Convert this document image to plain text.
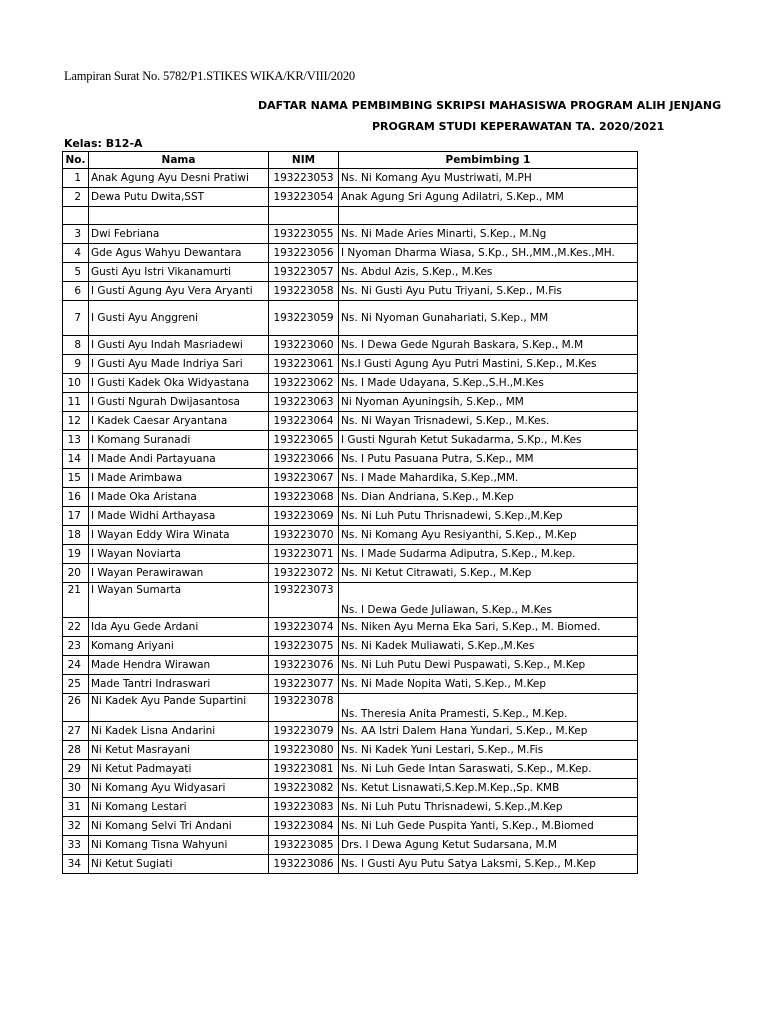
Lampiran Surat No. 5782/P1.STIKES WIKA/KR/VIII/2020
DAFTAR NAMA PEMBIMBING SKRIPSI MAHASISWA PROGRAM ALIH JENJANG
PROGRAM STUDI KEPERAWATAN TA. 2020/2021
Kelas: B12-A
No.	Nama	NIM	Pembimbing 1
1	Anak Agung Ayu Desni Pratiwi	193223053	Ns. Ni Komang Ayu Mustriwati, M.PH
2	Dewa Putu Dwita,SST	193223054	Anak Agung Sri Agung Adilatri, S.Kep., MM

3	Dwi Febriana	193223055	Ns. Ni Made Aries Minarti, S.Kep., M.Ng
4	Gde Agus Wahyu Dewantara	193223056	I Nyoman Dharma Wiasa, S.Kp., SH.,MM.,M.Kes.,MH.
5	Gusti Ayu Istri Vikanamurti	193223057	Ns. Abdul Azis, S.Kep., M.Kes
6	I Gusti Agung Ayu Vera Aryanti	193223058	Ns. Ni Gusti Ayu Putu Triyani, S.Kep., M.Fis
7	I Gusti Ayu Anggreni	193223059	Ns. Ni Nyoman Gunahariati, S.Kep., MM
8	I Gusti Ayu Indah Masriadewi	193223060	Ns. I Dewa Gede Ngurah Baskara, S.Kep., M.M
9	I Gusti Ayu Made Indriya Sari	193223061	Ns.I Gusti Agung Ayu Putri Mastini, S.Kep., M.Kes
10	I Gusti Kadek Oka Widyastana	193223062	Ns. I Made Udayana, S.Kep.,S.H.,M.Kes
11	I Gusti Ngurah Dwijasantosa	193223063	Ni Nyoman Ayuningsih, S.Kep., MM
12	I Kadek Caesar Aryantana	193223064	Ns. Ni Wayan Trisnadewi, S.Kep., M.Kes.
13	I Komang Suranadi	193223065	I Gusti Ngurah Ketut Sukadarma, S.Kp., M.Kes
14	I Made Andi Partayuana	193223066	Ns. I Putu Pasuana Putra, S.Kep., MM
15	I Made Arimbawa	193223067	Ns. I Made Mahardika, S.Kep.,MM.
16	I Made Oka Aristana	193223068	Ns. Dian Andriana, S.Kep., M.Kep
17	I Made Widhi Arthayasa	193223069	Ns. Ni Luh Putu Thrisnadewi, S.Kep.,M.Kep
18	I Wayan Eddy Wira Winata	193223070	Ns. Ni Komang Ayu Resiyanthi, S.Kep., M.Kep
19	I Wayan Noviarta	193223071	Ns. I Made Sudarma Adiputra, S.Kep., M.kep.
20	I Wayan Perawirawan	193223072	Ns. Ni Ketut Citrawati, S.Kep., M.Kep
21	I Wayan Sumarta	193223073	Ns. I Dewa Gede Juliawan, S.Kep., M.Kes
22	Ida Ayu Gede Ardani	193223074	Ns. Niken Ayu Merna Eka Sari, S.Kep., M. Biomed.
23	Komang Ariyani	193223075	Ns. Ni Kadek Muliawati, S.Kep.,M.Kes
24	Made Hendra Wirawan	193223076	Ns. Ni Luh Putu Dewi Puspawati, S.Kep., M.Kep
25	Made Tantri Indraswari	193223077	Ns. Ni Made Nopita Wati, S.Kep., M.Kep
26	Ni Kadek Ayu Pande Supartini	193223078	Ns. Theresia Anita Pramesti, S.Kep., M.Kep.
27	Ni Kadek Lisna Andarini	193223079	Ns. AA Istri Dalem Hana Yundari, S.Kep., M.Kep
28	Ni Ketut Masrayani	193223080	Ns. Ni Kadek Yuni Lestari, S.Kep., M.Fis
29	Ni Ketut Padmayati	193223081	Ns. Ni Luh Gede Intan Saraswati, S.Kep., M.Kep.
30	Ni Komang Ayu Widyasari	193223082	Ns. Ketut Lisnawati,S.Kep.M.Kep.,Sp. KMB
31	Ni Komang Lestari	193223083	Ns. Ni Luh Putu Thrisnadewi, S.Kep.,M.Kep
32	Ni Komang Selvi Tri Andani	193223084	Ns. Ni Luh Gede Puspita Yanti, S.Kep., M.Biomed
33	Ni Komang Tisna Wahyuni	193223085	Drs. I Dewa Agung Ketut Sudarsana, M.M
34	Ni Ketut Sugiati	193223086	Ns. I Gusti Ayu Putu Satya Laksmi, S.Kep., M.Kep
